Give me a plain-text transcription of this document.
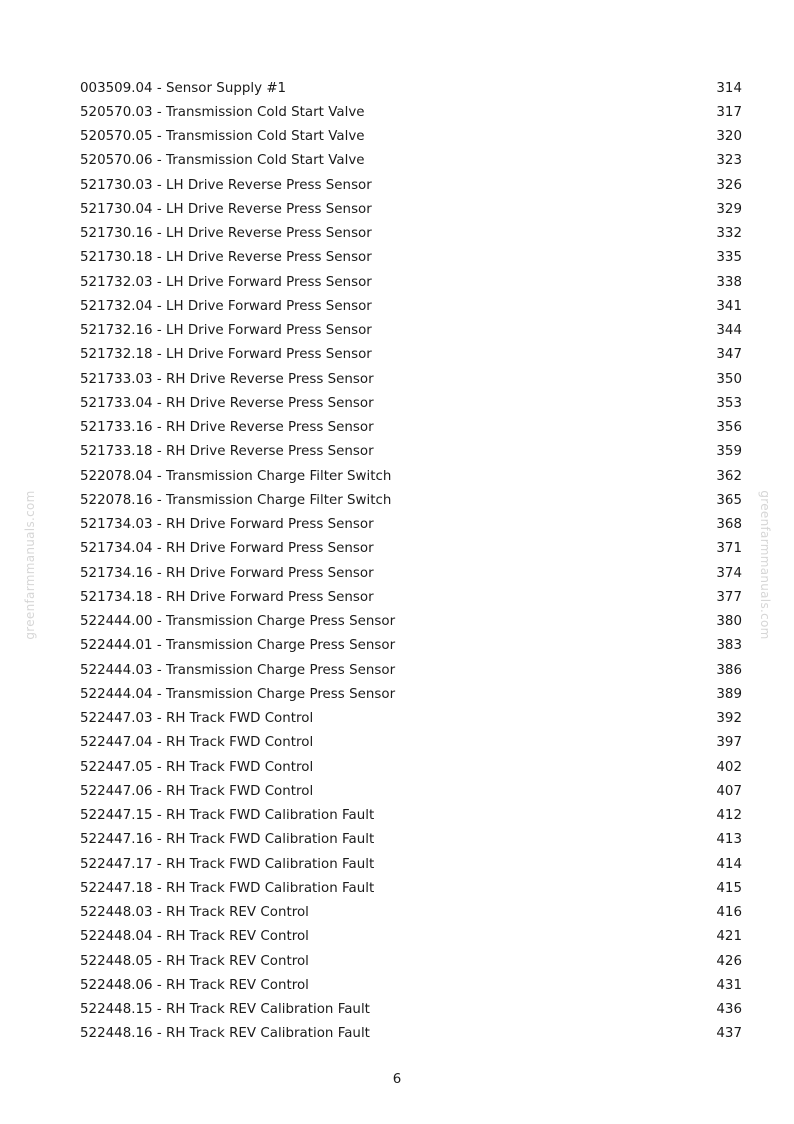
greenfarmmanuals.com	greenfarmmanuals.com
003509.04 - Sensor Supply #1	314
520570.03 - Transmission Cold Start Valve	317
520570.05 - Transmission Cold Start Valve	320
520570.06 - Transmission Cold Start Valve	323
521730.03 - LH Drive Reverse Press Sensor	326
521730.04 - LH Drive Reverse Press Sensor	329
521730.16 - LH Drive Reverse Press Sensor	332
521730.18 - LH Drive Reverse Press Sensor	335
521732.03 - LH Drive Forward Press Sensor	338
521732.04 - LH Drive Forward Press Sensor	341
521732.16 - LH Drive Forward Press Sensor	344
521732.18 - LH Drive Forward Press Sensor	347
521733.03 - RH Drive Reverse Press Sensor	350
521733.04 - RH Drive Reverse Press Sensor	353
521733.16 - RH Drive Reverse Press Sensor	356
521733.18 - RH Drive Reverse Press Sensor	359
522078.04 - Transmission Charge Filter Switch	362
522078.16 - Transmission Charge Filter Switch	365
521734.03 - RH Drive Forward Press Sensor	368
521734.04 - RH Drive Forward Press Sensor	371
521734.16 - RH Drive Forward Press Sensor	374
521734.18 - RH Drive Forward Press Sensor	377
522444.00 - Transmission Charge Press Sensor	380
522444.01 - Transmission Charge Press Sensor	383
522444.03 - Transmission Charge Press Sensor	386
522444.04 - Transmission Charge Press Sensor	389
522447.03 - RH Track FWD Control	392
522447.04 - RH Track FWD Control	397
522447.05 - RH Track FWD Control	402
522447.06 - RH Track FWD Control	407
522447.15 - RH Track FWD Calibration Fault	412
522447.16 - RH Track FWD Calibration Fault	413
522447.17 - RH Track FWD Calibration Fault	414
522447.18 - RH Track FWD Calibration Fault	415
522448.03 - RH Track REV Control	416
522448.04 - RH Track REV Control	421
522448.05 - RH Track REV Control	426
522448.06 - RH Track REV Control	431
522448.15 - RH Track REV Calibration Fault	436
522448.16 - RH Track REV Calibration Fault	437
6
